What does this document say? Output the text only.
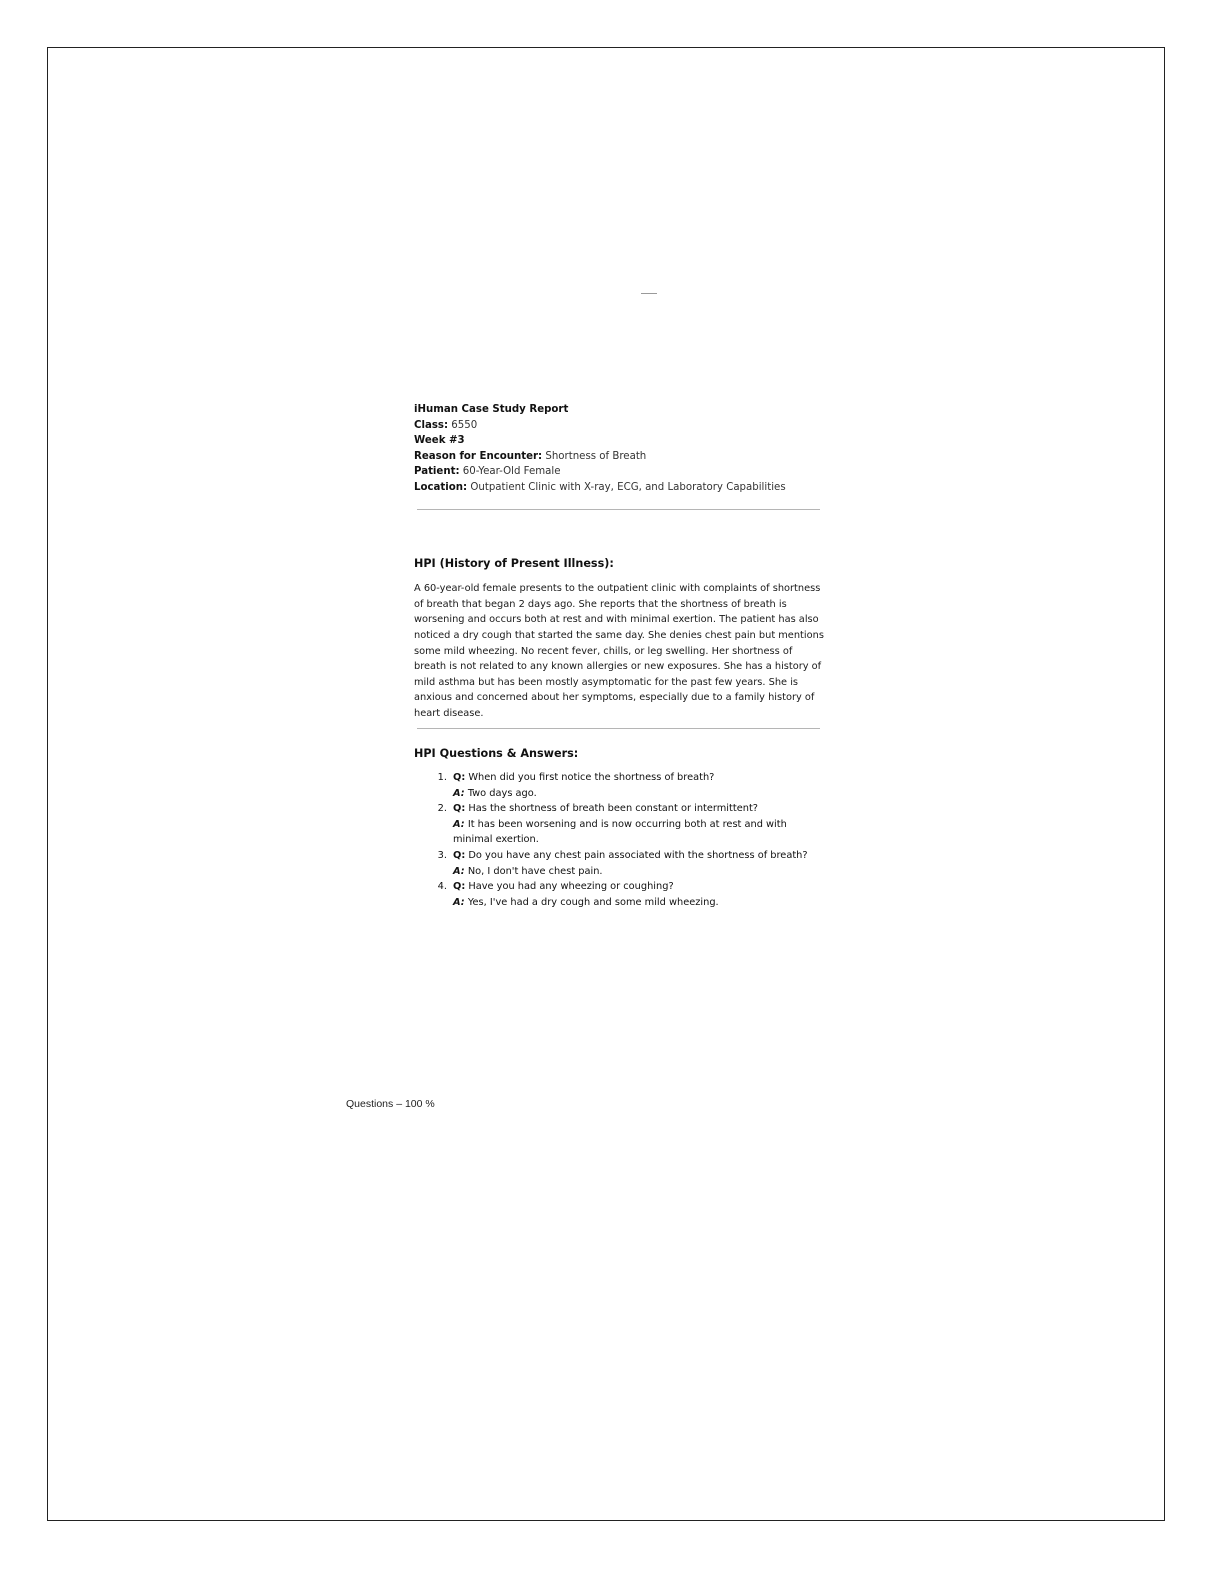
iHuman Case Study Report

Class: 6550

Week #3

Reason for Encounter: Shortness of Breath

Patient: 60-Year-Old Female

Location: Outpatient Clinic with X-ray, ECG, and Laboratory Capabilities

HPI (History of Present Illness):

A 60-year-old female presents to the outpatient clinic with complaints of shortness of breath that began 2 days ago. She reports that the shortness of breath is worsening and occurs both at rest and with minimal exertion. The patient has also noticed a dry cough that started the same day. She denies chest pain but mentions some mild wheezing. No recent fever, chills, or leg swelling. Her shortness of breath is not related to any known allergies or new exposures. She has a history of mild asthma but has been mostly asymptomatic for the past few years. She is anxious and concerned about her symptoms, especially due to a family history of heart disease.

HPI Questions & Answers:

1. Q: When did you first notice the shortness of breath?
A: Two days ago.
2. Q: Has the shortness of breath been constant or intermittent?
A: It has been worsening and is now occurring both at rest and with minimal exertion.
3. Q: Do you have any chest pain associated with the shortness of breath?
A: No, I don't have chest pain.
4. Q: Have you had any wheezing or coughing?
A: Yes, I've had a dry cough and some mild wheezing.
Questions – 100 %
